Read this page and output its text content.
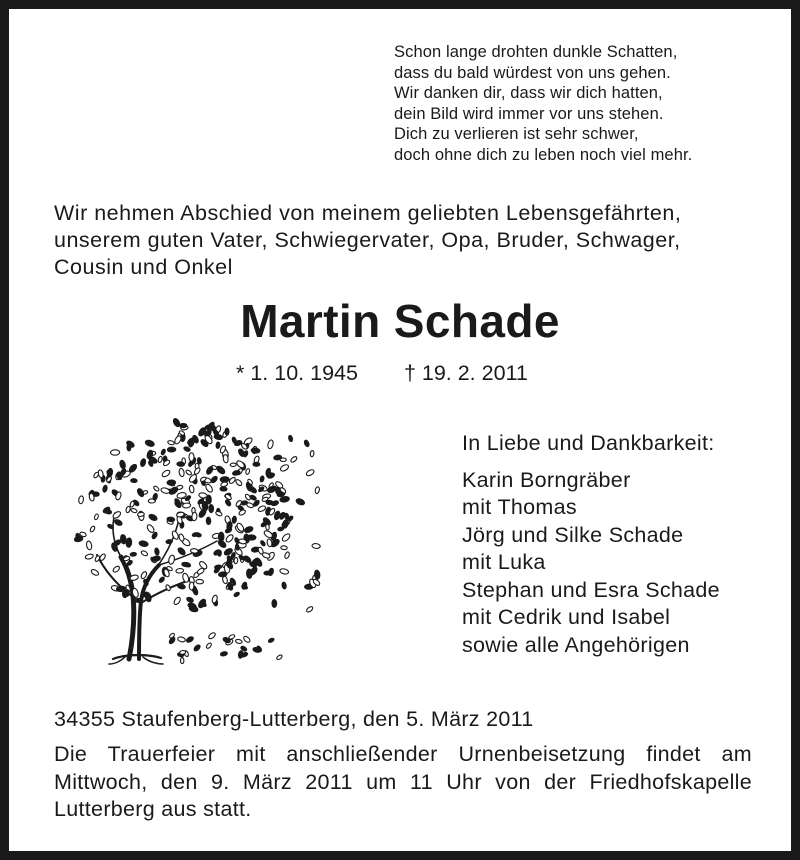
Schon lange drohten dunkle Schatten,
dass du bald würdest von uns gehen.
Wir danken dir, dass wir dich hatten,
dein Bild wird immer vor uns stehen.
Dich zu verlieren ist sehr schwer,
doch ohne dich zu leben noch viel mehr.
Wir nehmen Abschied von meinem geliebten Lebensgefährten,
unserem guten Vater, Schwiegervater, Opa, Bruder, Schwager,
Cousin und Onkel
Martin Schade
* 1. 10. 1945 † 19. 2. 2011
In Liebe und Dankbarkeit:
Karin Borngräber
mit Thomas
Jörg und Silke Schade
mit Luka
Stephan und Esra Schade
mit Cedrik und Isabel
sowie alle Angehörigen
34355 Staufenberg-Lutterberg, den 5. März 2011
Die Trauerfeier mit anschließender Urnenbeisetzung findet am
Mittwoch, den 9. März 2011 um 11 Uhr von der Friedhofskapelle
Lutterberg aus statt.
